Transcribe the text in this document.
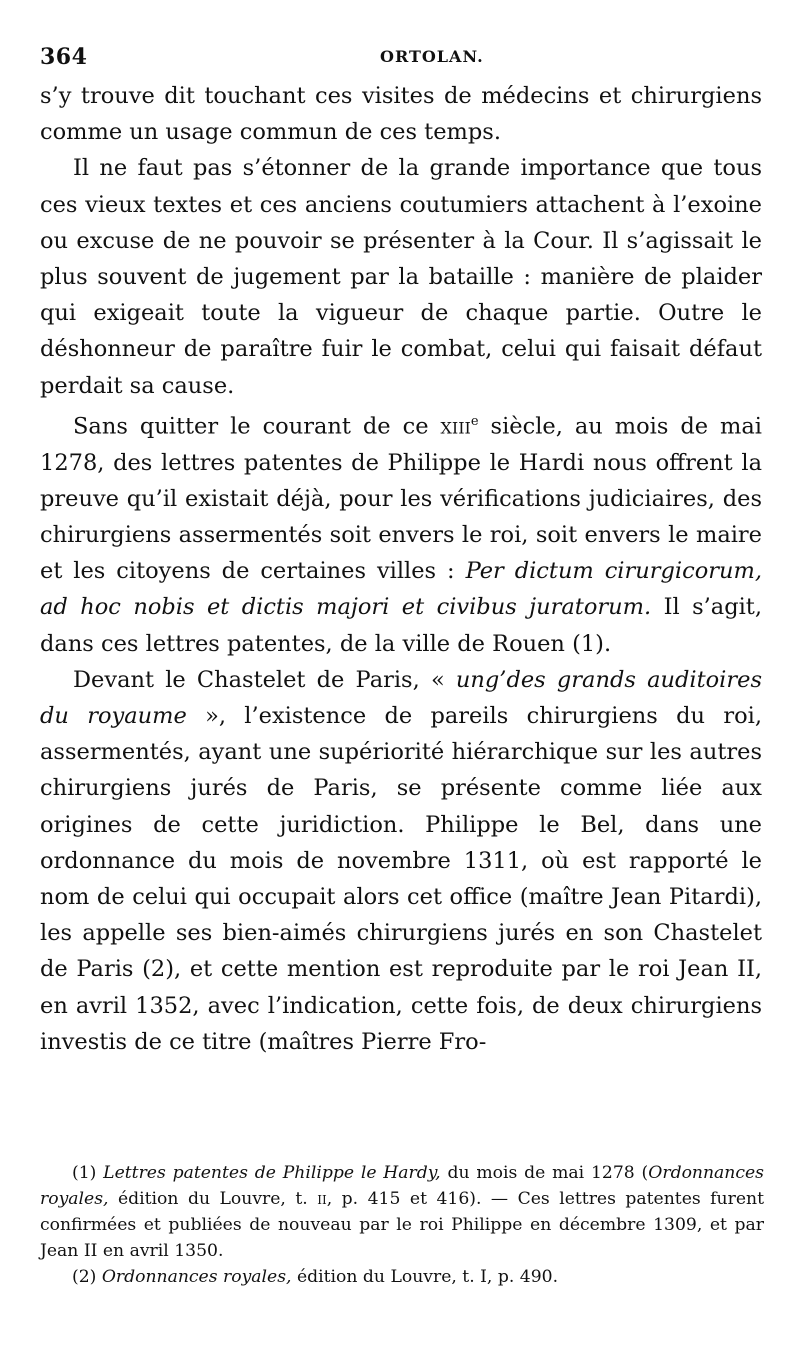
364	ORTOLAN.

s’y trouve dit touchant ces visites de médecins et chirurgiens comme un usage commun de ces temps.

Il ne faut pas s’étonner de la grande importance que tous ces vieux textes et ces anciens coutumiers attachent à l’exoine ou excuse de ne pouvoir se présenter à la Cour. Il s’agissait le plus souvent de jugement par la bataille : manière de plaider qui exigeait toute la vigueur de chaque partie. Outre le déshonneur de paraître fuir le combat, celui qui faisait défaut perdait sa cause.

Sans quitter le courant de ce xiii$^e$ siècle, au mois de mai 1278, des lettres patentes de Philippe le Hardi nous offrent la preuve qu’il existait déjà, pour les vérifications judiciaires, des chirurgiens assermentés soit envers le roi, soit envers le maire et les citoyens de certaines villes : Per dictum cirurgicorum, ad hoc nobis et dictis majori et civibus juratorum. Il s’agit, dans ces lettres patentes, de la ville de Rouen (1).

Devant le Chastelet de Paris, « ung’des grands auditoires du royaume », l’existence de pareils chirurgiens du roi, assermentés, ayant une supériorité hiérarchique sur les autres chirurgiens jurés de Paris, se présente comme liée aux origines de cette juridiction. Philippe le Bel, dans une ordonnance du mois de novembre 1311, où est rapporté le nom de celui qui occupait alors cet office (maître Jean Pitardi), les appelle ses bien-aimés chirurgiens jurés en son Chastelet de Paris (2), et cette mention est reproduite par le roi Jean II, en avril 1352, avec l’indication, cette fois, de deux chirurgiens investis de ce titre (maîtres Pierre Fro-

(1) Lettres patentes de Philippe le Hardy, du mois de mai 1278 (Ordonnances royales, édition du Louvre, t. ii, p. 415 et 416). — Ces lettres patentes furent confirmées et publiées de nouveau par le roi Philippe en décembre 1309, et par Jean II en avril 1350.

(2) Ordonnances royales, édition du Louvre, t. I, p. 490.
